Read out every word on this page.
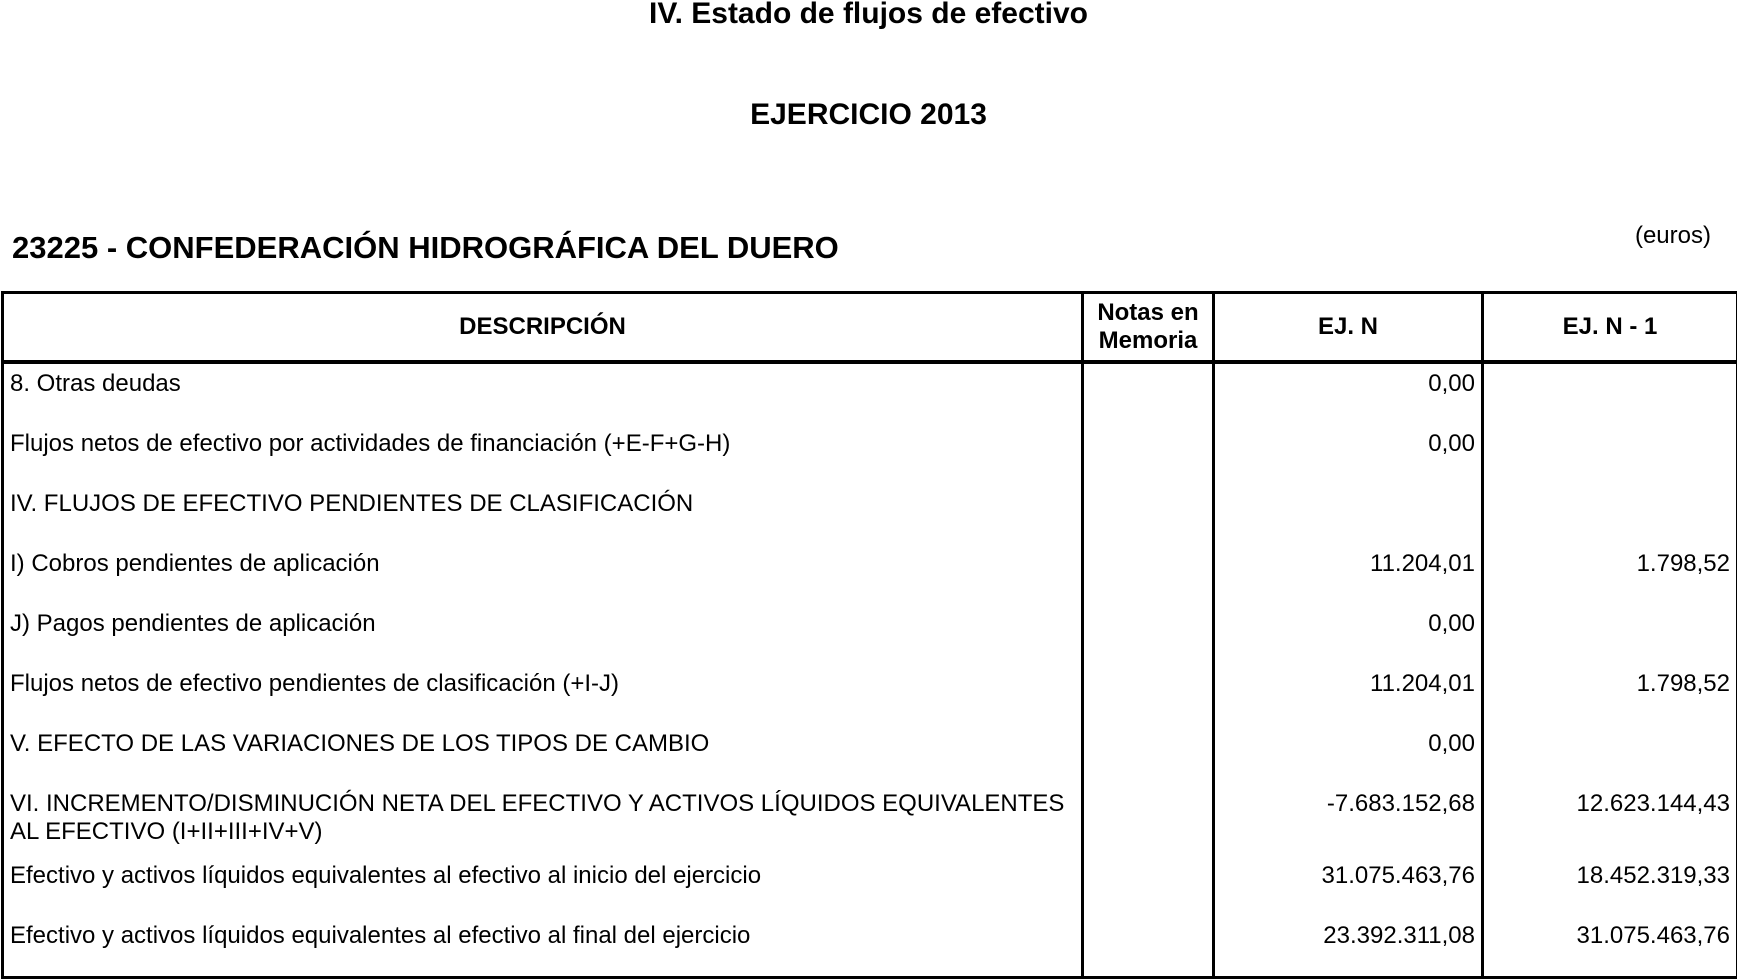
IV. Estado de flujos de efectivo
EJERCICIO 2013
23225 - CONFEDERACIÓN HIDROGRÁFICA DEL DUERO	(euros)
DESCRIPCIÓN	Notas en Memoria	EJ. N	EJ. N - 1
8. Otras deudas		0,00	
Flujos netos de efectivo por actividades de financiación (+E-F+G-H)		0,00	
IV. FLUJOS DE EFECTIVO PENDIENTES DE CLASIFICACIÓN			
I) Cobros pendientes de aplicación		11.204,01	1.798,52
J) Pagos pendientes de aplicación		0,00	
Flujos netos de efectivo pendientes de clasificación (+I-J)		11.204,01	1.798,52
V. EFECTO DE LAS VARIACIONES DE LOS TIPOS DE CAMBIO		0,00	
VI. INCREMENTO/DISMINUCIÓN NETA DEL EFECTIVO Y ACTIVOS LÍQUIDOS EQUIVALENTES AL EFECTIVO (I+II+III+IV+V)		-7.683.152,68	12.623.144,43
Efectivo y activos líquidos equivalentes al efectivo al inicio del ejercicio		31.075.463,76	18.452.319,33
Efectivo y activos líquidos equivalentes al efectivo al final del ejercicio		23.392.311,08	31.075.463,76
